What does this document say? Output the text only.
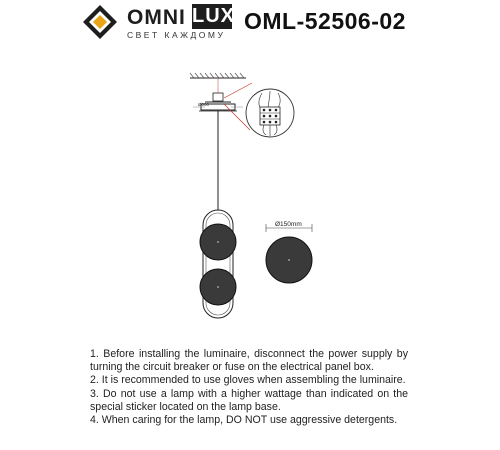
OMNI LUX
СВЕТ КАЖДОМУ
OML-52506-02
Ø000
Ø150mm

1. Before installing the luminaire, disconnect the power supply by turning the circuit breaker or fuse on the electrical panel box.

2. It is recommended to use gloves when assembling the luminaire.

3. Do not use a lamp with a higher wattage than indicated on the special sticker located on the lamp base.

4. When caring for the lamp, DO NOT use aggressive detergents.
